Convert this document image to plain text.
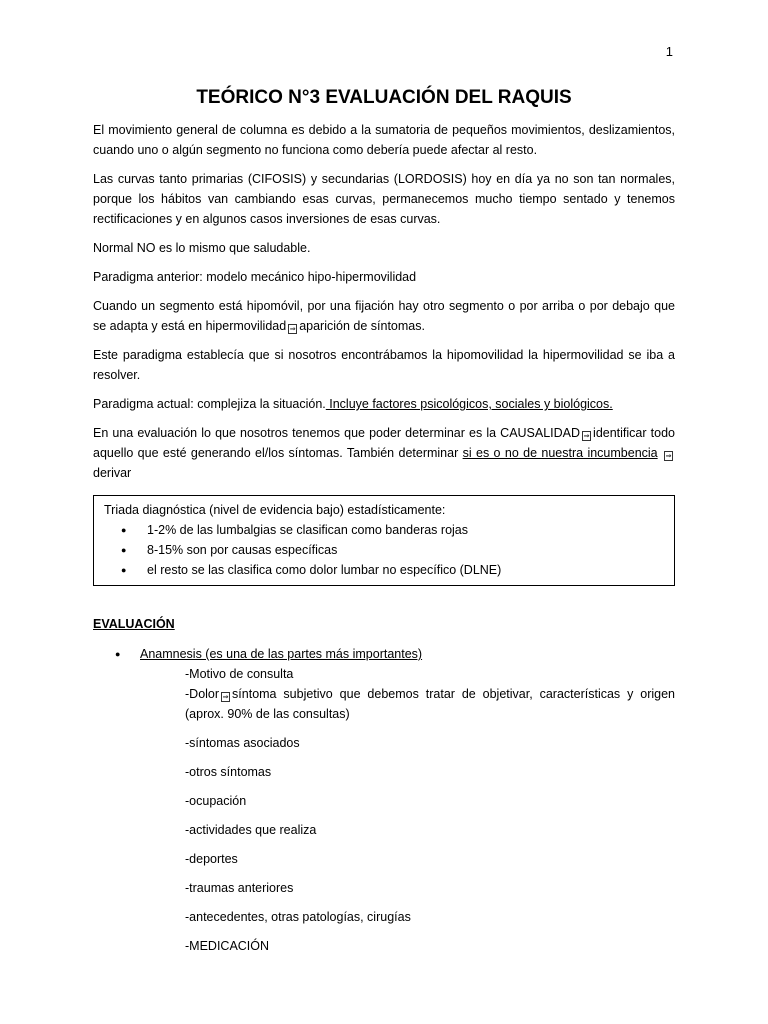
1
TEÓRICO N°3 EVALUACIÓN DEL RAQUIS

El movimiento general de columna es debido a la sumatoria de pequeños movimientos, deslizamientos, cuando uno o algún segmento no funciona como debería puede afectar al resto.

Las curvas tanto primarias (CIFOSIS) y secundarias (LORDOSIS) hoy en día ya no son tan normales, porque los hábitos van cambiando esas curvas, permanecemos mucho tiempo sentado y tenemos rectificaciones y en algunos casos inversiones de esas curvas.

Normal NO es lo mismo que saludable.

Paradigma anterior: modelo mecánico hipo-hipermovilidad

Cuando un segmento está hipomóvil, por una fijación hay otro segmento o por arriba o por debajo que se adapta y está en hipermovilidad ⇒ aparición de síntomas.

Este paradigma establecía que si nosotros encontrábamos la hipomovilidad la hipermovilidad se iba a resolver.

Paradigma actual: complejiza la situación. Incluye factores psicológicos, sociales y biológicos.

En una evaluación lo que nosotros tenemos que poder determinar es la CAUSALIDAD ⇒ identificar todo aquello que esté generando el/los síntomas. También determinar si es o no de nuestra incumbencia ⇒derivar

Triada diagnóstica (nivel de evidencia bajo) estadísticamente:
● 1-2% de las lumbalgias se clasifican como banderas rojas
● 8-15% son por causas específicas
● el resto se las clasifica como dolor lumbar no específico (DLNE)
EVALUACIÓN
● Anamnesis (es una de las partes más importantes)

-Motivo de consulta

-Dolor ⇒ síntoma subjetivo que debemos tratar de objetivar, características y origen (aprox. 90% de las consultas)

-síntomas asociados

-otros síntomas

-ocupación

-actividades que realiza

-deportes

-traumas anteriores

-antecedentes, otras patologías, cirugías

-MEDICACIÓN
